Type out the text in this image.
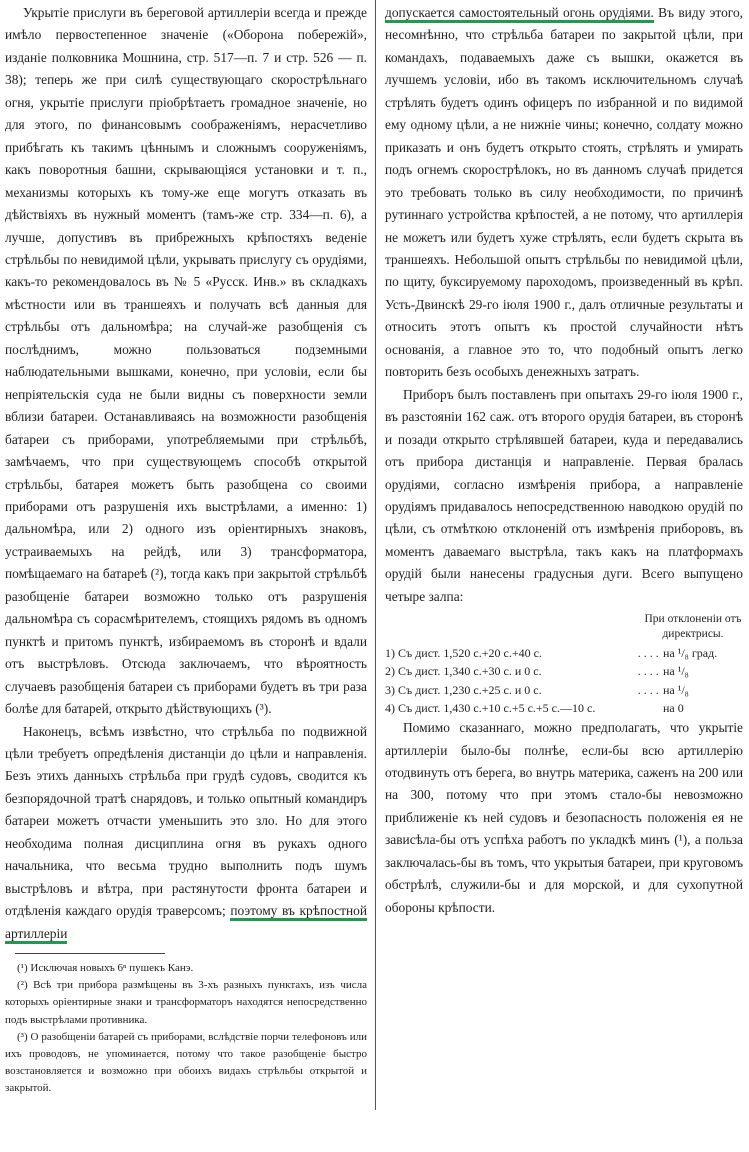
Укрытіе прислуги въ береговой артиллеріи всегда и прежде имѣло первостепенное значеніе («Оборона побережій», изданіе полковника Мошнина, стр. 517—п. 7 и стр. 526 — п. 38); теперь же при силѣ существующаго скорострѣльнаго огня, укрытіе прислуги пріобрѣтаетъ громадное значеніе, но для этого, по финансовымъ соображеніямъ, нерасчетливо прибѣгать къ такимъ цѣннымъ и сложнымъ сооруженіямъ, какъ поворотныя башни, скрывающіяся установки и т. п., механизмы которыхъ къ тому-же еще могутъ отказать въ дѣйствіяхъ въ нужный моментъ (тамъ-же стр. 334—п. 6), а лучше, допустивъ въ прибрежныхъ крѣпостяхъ веденіе стрѣльбы по невидимой цѣли, укрывать прислугу съ орудіями, какъ-то рекомендовалось въ № 5 «Русск. Инв.» въ складкахъ мѣстности или въ траншеяхъ и получать всѣ данныя для стрѣльбы отъ дальномѣра; на случай-же разобщенія съ послѣднимъ, можно пользоваться подземными наблюдательными вышками, конечно, при условіи, если бы непріятельскія суда не были видны съ поверхности земли вблизи батареи. Останавливаясь на возможности разобщенія батареи съ приборами, употребляемыми при стрѣльбѣ, замѣчаемъ, что при существующемъ способѣ открытой стрѣльбы, батарея можетъ быть разобщена со своими приборами отъ разрушенія ихъ выстрѣлами, а именно: 1) дальномѣра, или 2) одного изъ оріентирныхъ знаковъ, устраиваемыхъ на рейдѣ, или 3) трансформатора, помѣщаемаго на батареѣ (²), тогда какъ при закрытой стрѣльбѣ разобщеніе батареи возможно только отъ разрушенія дальномѣра съ сорасмѣрителемъ, стоящихъ рядомъ въ одномъ пунктѣ и притомъ пунктѣ, избираемомъ въ сторонѣ и вдали отъ выстрѣловъ. Отсюда заключаемъ, что вѣроятность случаевъ разобщенія батареи съ приборами будетъ въ три раза болѣе для батарей, открыто дѣйствующихъ (³).

Наконецъ, всѣмъ извѣстно, что стрѣльба по подвижной цѣли требуетъ опредѣленія дистанціи до цѣли и направленія. Безъ этихъ данныхъ стрѣльба при грудѣ судовъ, сводится къ безпорядочной тратѣ снарядовъ, и только опытный командиръ батареи можетъ отчасти уменьшить это зло. Но для этого необходима полная дисциплина огня въ рукахъ одного начальника, что весьма трудно выполнить подъ шумъ выстрѣловъ и вѣтра, при растянутости фронта батареи и отдѣленія каждаго орудія траверсомъ; поэтому въ крѣпостной артиллеріи

(¹) Исключая новыхъ 6ⁿ пушекъ Канэ.

(²) Всѣ три прибора размѣщены въ 3-хъ разныхъ пунктахъ, изъ числа которыхъ оріентирные знаки и трансформаторъ находятся непосредственно подъ выстрѣлами противника.

(³) О разобщеніи батарей съ приборами, вслѣдствіе порчи телефоновъ или ихъ проводовъ, не упоминается, потому что такое разобщеніе быстро возстановляется и возможно при обоихъ видахъ стрѣльбы открытой и закрытой.

допускается самостоятельный огонь орудіями. Въ виду этого, несомнѣнно, что стрѣльба батареи по закрытой цѣли, при командахъ, подаваемыхъ даже съ вышки, окажется въ лучшемъ условіи, ибо въ такомъ исключительномъ случаѣ стрѣлять будетъ одинъ офицеръ по избранной и по видимой ему одному цѣли, а не нижніе чины; конечно, солдату можно приказать и онъ будетъ открыто стоять, стрѣлять и умирать подъ огнемъ скорострѣлокъ, но въ данномъ случаѣ придется это требовать только въ силу необходимости, по причинѣ рутиннаго устройства крѣпостей, а не потому, что артиллерія не можетъ или будетъ хуже стрѣлять, если будетъ скрыта въ траншеяхъ. Небольшой опытъ стрѣльбы по невидимой цѣли, по щиту, буксируемому пароходомъ, произведенный въ крѣп. Усть-Двинскѣ 29-го іюля 1900 г., далъ отличные результаты и относить этотъ опытъ къ простой случайности нѣтъ основанія, а главное это то, что подобный опытъ легко повторить безъ особыхъ денежныхъ затратъ.

Приборъ былъ поставленъ при опытахъ 29-го іюля 1900 г., въ разстояніи 162 саж. отъ второго орудія батареи, въ сторонѣ и позади открыто стрѣлявшей батареи, куда и передавались отъ прибора дистанція и направленіе. Первая бралась орудіями, согласно измѣренія прибора, а направленіе орудіямъ придавалось непосредственною наводкою орудій по цѣли, съ отмѣткою отклоненій отъ измѣренія приборовъ, въ моментъ даваемаго выстрѣла, такъ какъ на платформахъ орудій были нанесены градусныя дуги. Всего выпущено четыре залпа:

При отклоненіи отъ директрисы.
1) Съ дист. 1,520 с.+20 с.+40 с.	. . . .	на ¹/₈ град.
2) Съ дист. 1,340 с.+30 с. и 0 с.	. . . .	на ¹/₈
3) Съ дист. 1,230 с.+25 с. и 0 с.	. . . .	на ¹/₈
4) Съ дист. 1,430 с.+10 с.+5 с.+5 с.—10 с.		на 0

Помимо сказаннаго, можно предполагать, что укрытіе артиллеріи было-бы полнѣе, если-бы всю артиллерію отодвинуть отъ берега, во внутрь материка, саженъ на 200 или на 300, потому что при этомъ стало-бы невозможно приближеніе къ ней судовъ и безопасность положенія ея не зависѣла-бы отъ успѣха работъ по укладкѣ минъ (¹), а польза заключалась-бы въ томъ, что укрытыя батареи, при круговомъ обстрѣлѣ, служили-бы и для морской, и для сухопутной обороны крѣпости.
